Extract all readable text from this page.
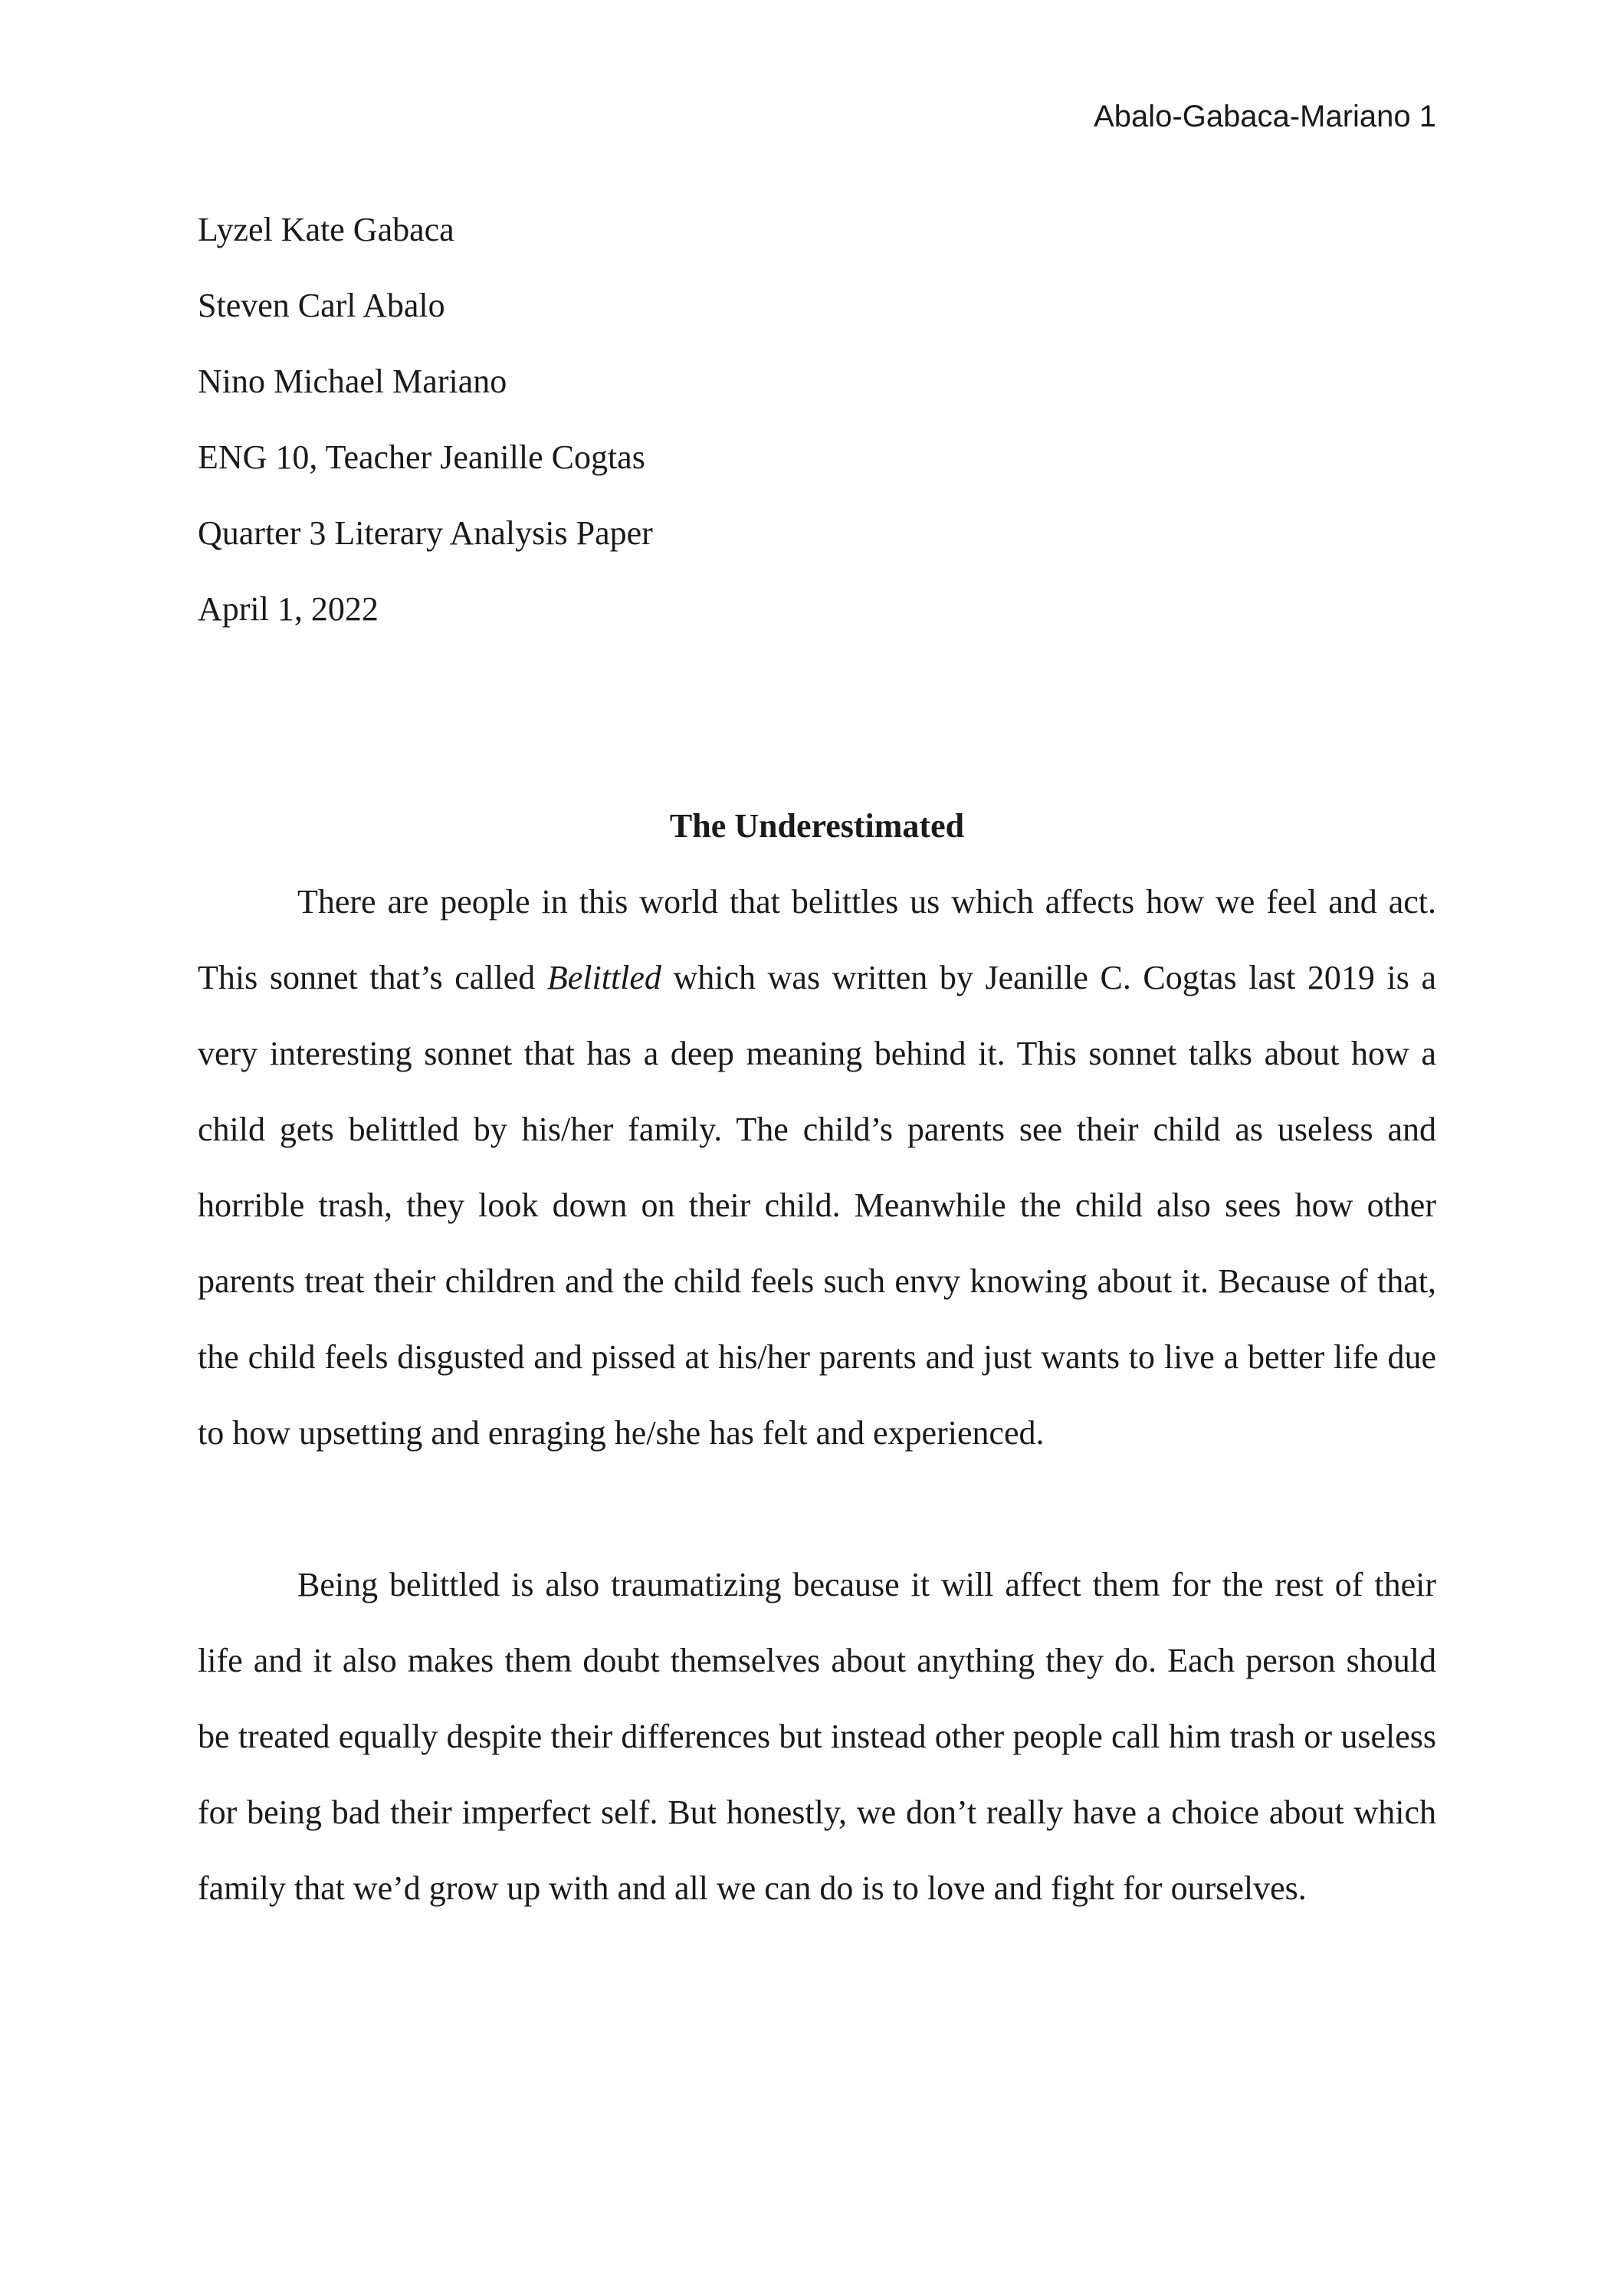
Abalo-Gabaca-Mariano 1
Lyzel Kate Gabaca
Steven Carl Abalo
Nino Michael Mariano
ENG 10, Teacher Jeanille Cogtas
Quarter 3 Literary Analysis Paper
April 1, 2022
The Underestimated

There are people in this world that belittles us which affects how we feel and act. This sonnet that’s called Belittled which was written by Jeanille C. Cogtas last 2019 is a very interesting sonnet that has a deep meaning behind it. This sonnet talks about how a child gets belittled by his/her family. The child’s parents see their child as useless and horrible trash, they look down on their child. Meanwhile the child also sees how other parents treat their children and the child feels such envy knowing about it. Because of that, the child feels disgusted and pissed at his/her parents and just wants to live a better life due to how upsetting and enraging he/she has felt and experienced.

Being belittled is also traumatizing because it will affect them for the rest of their life and it also makes them doubt themselves about anything they do. Each person should be treated equally despite their differences but instead other people call him trash or useless for being bad their imperfect self. But honestly, we don’t really have a choice about which family that we’d grow up with and all we can do is to love and fight for ourselves.
